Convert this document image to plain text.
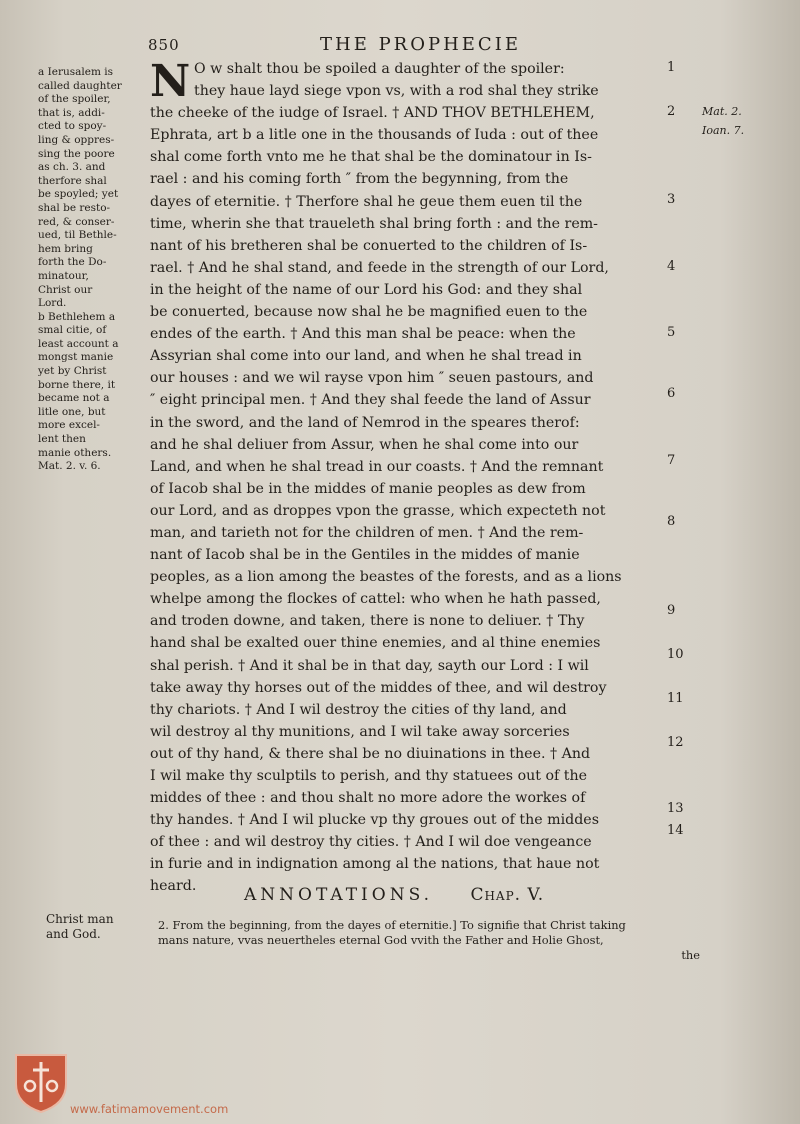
850	THE PROPHECIE
a Ierusalem is
called daughter
of the spoiler,
that is, addi-
cted to spoy-
ling & oppres-
sing the poore
as ch. 3. and
therfore shal
be spoyled; yet
shal be resto-
red, & conser-
ued, til Bethle-
hem bring
forth the Do-
minatour,
Christ our
Lord.
b Bethlehem a
smal citie, of
least account a
mongst manie
yet by Christ
borne there, it
became not a
litle one, but
more excel-
lent then
manie others.
Mat. 2. v. 6.
N O w shalt thou be spoiled a daughter of the spoiler:
they haue layd siege vpon vs, with a rod shal they strike
the cheeke of the iudge of Israel. † AND THOV BETHLEHEM,
Ephrata, art b a litle one in the thousands of Iuda : out of thee
shal come forth vnto me he that shal be the dominatour in Is-
rael : and his coming forth ″ from the begynning, from the
dayes of eternitie. † Therfore shal he geue them euen til the
time, wherin she that traueleth shal bring forth : and the rem-
nant of his bretheren shal be conuerted to the children of Is-
rael. † And he shal stand, and feede in the strength of our Lord,
in the height of the name of our Lord his God: and they shal
be conuerted, because now shal he be magnified euen to the
endes of the earth. † And this man shal be peace: when the
Assyrian shal come into our land, and when he shal tread in
our houses : and we wil rayse vpon him ″ seuen pastours, and
″ eight principal men. † And they shal feede the land of Assur
in the sword, and the land of Nemrod in the speares therof:
and he shal deliuer from Assur, when he shal come into our
Land, and when he shal tread in our coasts. † And the remnant
of Iacob shal be in the middes of manie peoples as dew from
our Lord, and as droppes vpon the grasse, which expecteth not
man, and tarieth not for the children of men. † And the rem-
nant of Iacob shal be in the Gentiles in the middes of manie
peoples, as a lion among the beastes of the forests, and as a lions
whelpe among the flockes of cattel: who when he hath passed,
and troden downe, and taken, there is none to deliuer. † Thy
hand shal be exalted ouer thine enemies, and al thine enemies
shal perish. † And it shal be in that day, sayth our Lord : I wil
take away thy horses out of the middes of thee, and wil destroy
thy chariots. † And I wil destroy the cities of thy land, and
wil destroy al thy munitions, and I wil take away sorceries
out of thy hand, & there shal be no diuinations in thee. † And
I wil make thy sculptils to perish, and thy statuees out of the
middes of thee : and thou shalt no more adore the workes of
thy handes. † And I wil plucke vp thy groues out of the middes
of thee : and wil destroy thy cities. † And I wil doe vengeance
in furie and in indignation among al the nations, that haue not
heard.
1
2
3
4
5
6
7
8
9
10
11
12
13
14
Mat. 2.
Ioan. 7.
ANNOTATIONS. Chap. V.
Christ man
and God.
2. From the beginning, from the dayes of eternitie.] To signifie that Christ taking
mans nature, vvas neuertheles eternal God vvith the Father and Holie Ghost,
the
www.fatimamovement.com
